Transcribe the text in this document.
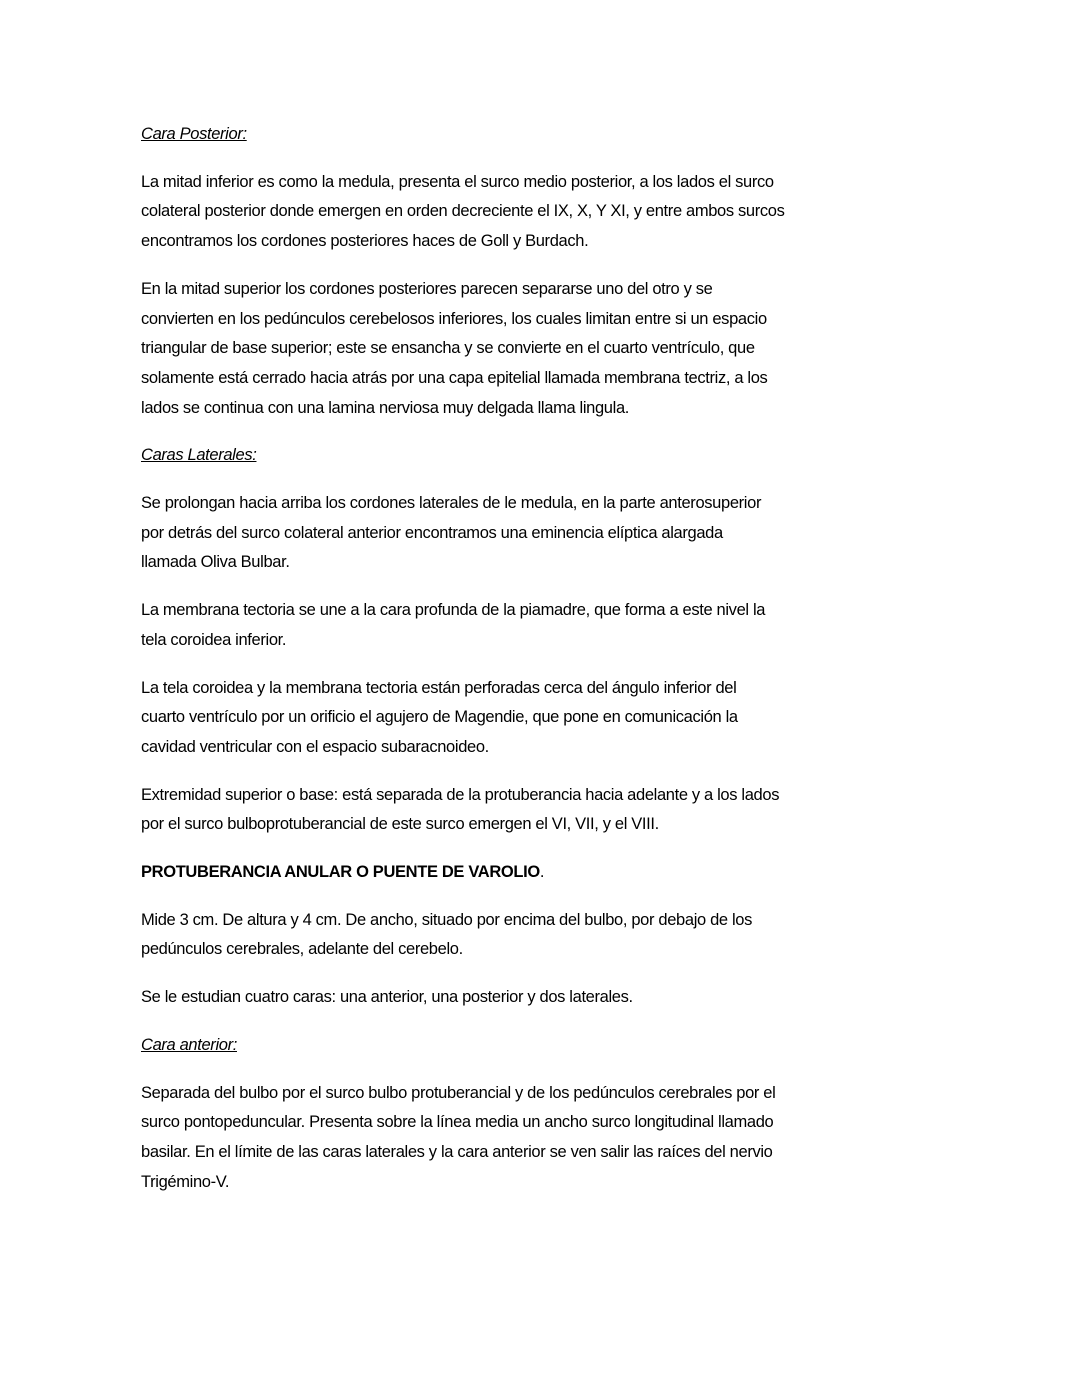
Cara Posterior:

La mitad inferior es como la medula, presenta el surco medio posterior, a los lados el surco
colateral posterior donde emergen en orden decreciente el IX, X, Y XI, y entre ambos surcos
encontramos los cordones posteriores haces de Goll y Burdach.

En la mitad superior los cordones posteriores parecen separarse uno del otro y se
convierten en los pedúnculos cerebelosos inferiores, los cuales limitan entre si un espacio
triangular de base superior; este se ensancha y se convierte en el cuarto ventrículo, que
solamente está cerrado hacia atrás por una capa epitelial llamada membrana tectriz, a los
lados se continua con una lamina nerviosa muy delgada llama lingula.

Caras Laterales:

Se prolongan hacia arriba los cordones laterales de le medula, en la parte anterosuperior
por detrás del surco colateral anterior encontramos una eminencia elíptica alargada
llamada Oliva Bulbar.

La membrana tectoria se une a la cara profunda de la piamadre, que forma a este nivel la
tela coroidea inferior.

La tela coroidea y la membrana tectoria están perforadas cerca del ángulo inferior del
cuarto ventrículo por un orificio el agujero de Magendie, que pone en comunicación la
cavidad ventricular con el espacio subaracnoideo.

Extremidad superior o base: está separada de la protuberancia hacia adelante y a los lados
por el surco bulboprotuberancial de este surco emergen el VI, VII, y el VIII.

PROTUBERANCIA ANULAR O PUENTE DE VAROLIO.

Mide 3 cm. De altura y 4 cm. De ancho, situado por encima del bulbo, por debajo de los
pedúnculos cerebrales, adelante del cerebelo.

Se le estudian cuatro caras: una anterior, una posterior y dos laterales.

Cara anterior:

Separada del bulbo por el surco bulbo protuberancial y de los pedúnculos cerebrales por el
surco pontopeduncular. Presenta sobre la línea media un ancho surco longitudinal llamado
basilar. En el límite de las caras laterales y la cara anterior se ven salir las raíces del nervio
Trigémino-V.
